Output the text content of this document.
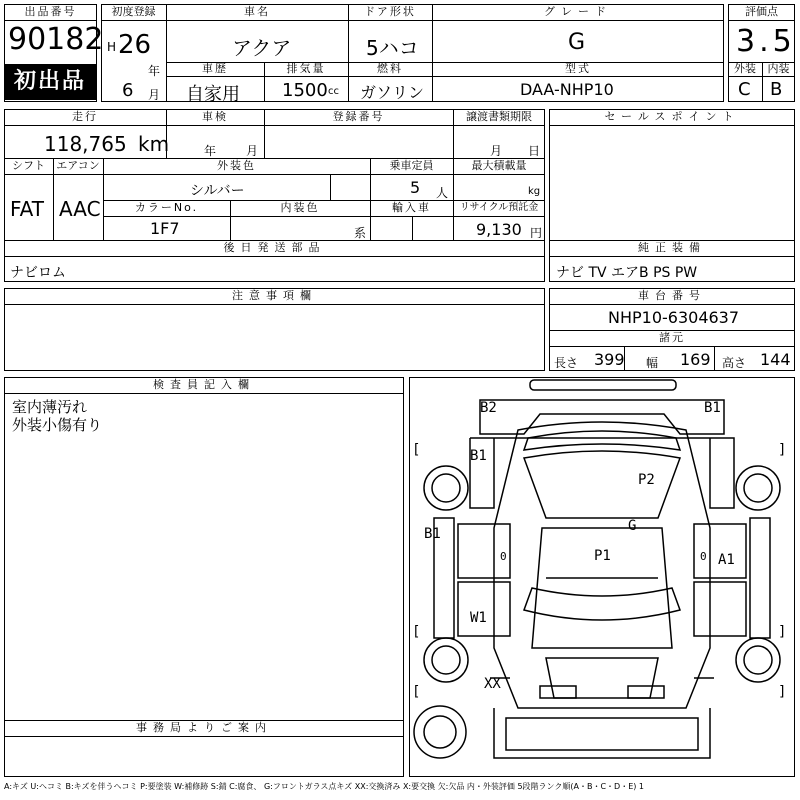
出品番号
90182
初出品
初度登録
H 26
年
6 月
車名
アクア
車歴
自家用
排気量
1500 cc
ドア形状
5ハコ
燃料
ガソリン
グレード
G
型式
DAA-NHP10
評価点
3.5
外装	内装
C B
走行
118,765 km
車検
年 月
登録番号	譲渡書類期限
月 日
シフト
FAT
エアコン
AAC
外装色
シルバー
乗車定員
5 人
最大積載量
kg
カラーNo.
1F7
内装色
系
輸入車	リサイクル預託金
9,130 円
後日発送部品
ナビロム
セールスポイント
純正装備
ナビ TV エアB PS PW
注意事項欄	車台番号
NHP10-6304637
諸元
長さ 399 幅 169 高さ 144
検査員記入欄
室内薄汚れ
外装小傷有り
事務局よりご案内
B2	B1
[	]
B1
P2
G
B1
P1
0	0 A1
W1
[	]
XX
[	]
A:キズ U:ヘコミ B:キズを伴うヘコミ P:要塗装 W:補修跡 S:錆 C:腐食、 G:フロントガラス点キズ XX:交換済み X:要交換 欠:欠品 内・外装評価 5段階ランク順(A・B・C・D・E) 1
